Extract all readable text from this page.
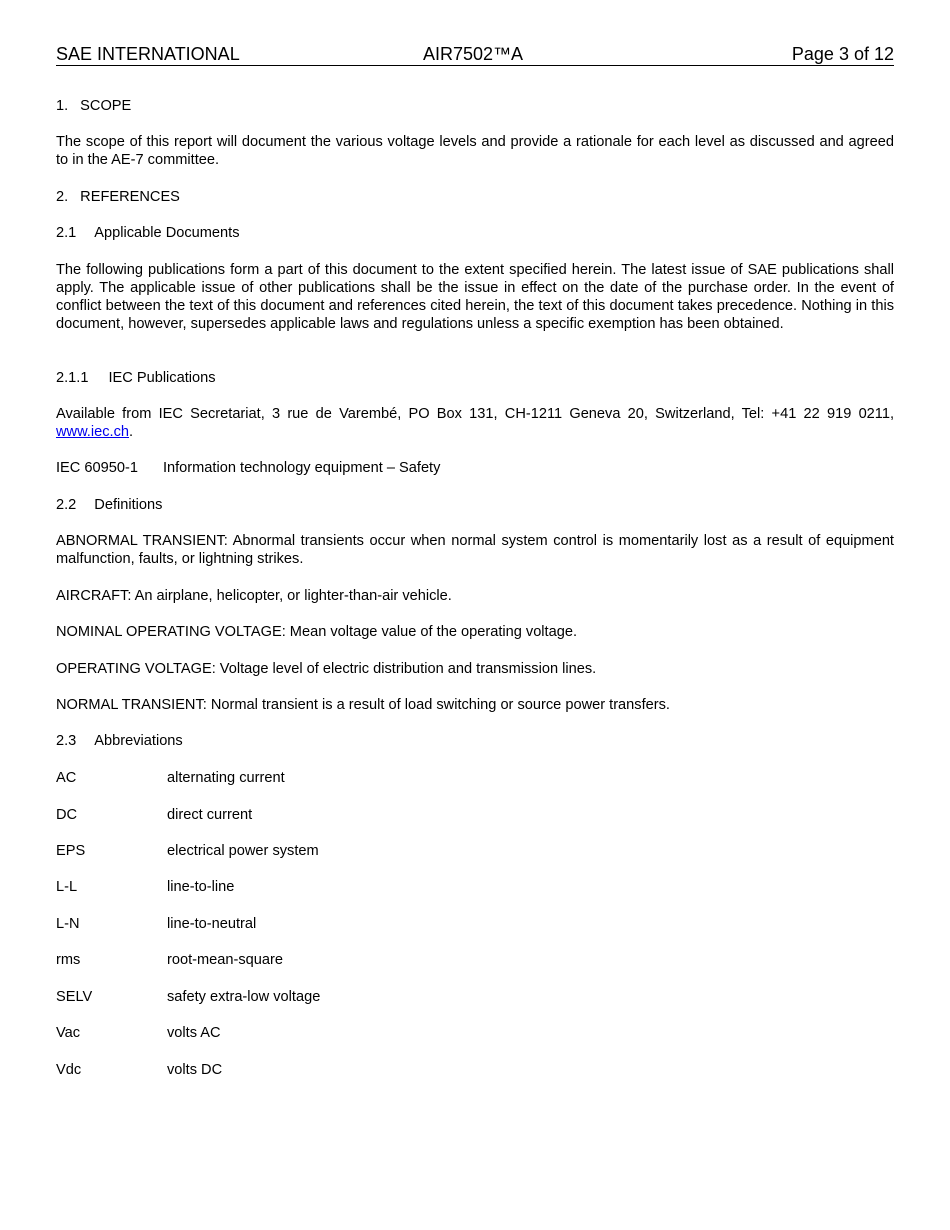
SAE INTERNATIONAL	AIR7502™A	Page 3 of 12
1. SCOPE
The scope of this report will document the various voltage levels and provide a rationale for each level as discussed and agreed to in the AE-7 committee.
2. REFERENCES
2.1 Applicable Documents
The following publications form a part of this document to the extent specified herein. The latest issue of SAE publications shall apply. The applicable issue of other publications shall be the issue in effect on the date of the purchase order. In the event of conflict between the text of this document and references cited herein, the text of this document takes precedence. Nothing in this document, however, supersedes applicable laws and regulations unless a specific exemption has been obtained.
2.1.1 IEC Publications
Available from IEC Secretariat, 3 rue de Varembé, PO Box 131, CH-1211 Geneva 20, Switzerland, Tel: +41 22 919 0211, www.iec.ch.
IEC 60950-1 Information technology equipment – Safety
2.2 Definitions
ABNORMAL TRANSIENT: Abnormal transients occur when normal system control is momentarily lost as a result of equipment malfunction, faults, or lightning strikes.
AIRCRAFT: An airplane, helicopter, or lighter-than-air vehicle.
NOMINAL OPERATING VOLTAGE: Mean voltage value of the operating voltage.
OPERATING VOLTAGE: Voltage level of electric distribution and transmission lines.
NORMAL TRANSIENT: Normal transient is a result of load switching or source power transfers.
2.3 Abbreviations
AC	alternating current
DC	direct current
EPS	electrical power system
L-L	line-to-line
L-N	line-to-neutral
rms	root-mean-square
SELV	safety extra-low voltage
Vac	volts AC
Vdc	volts DC
